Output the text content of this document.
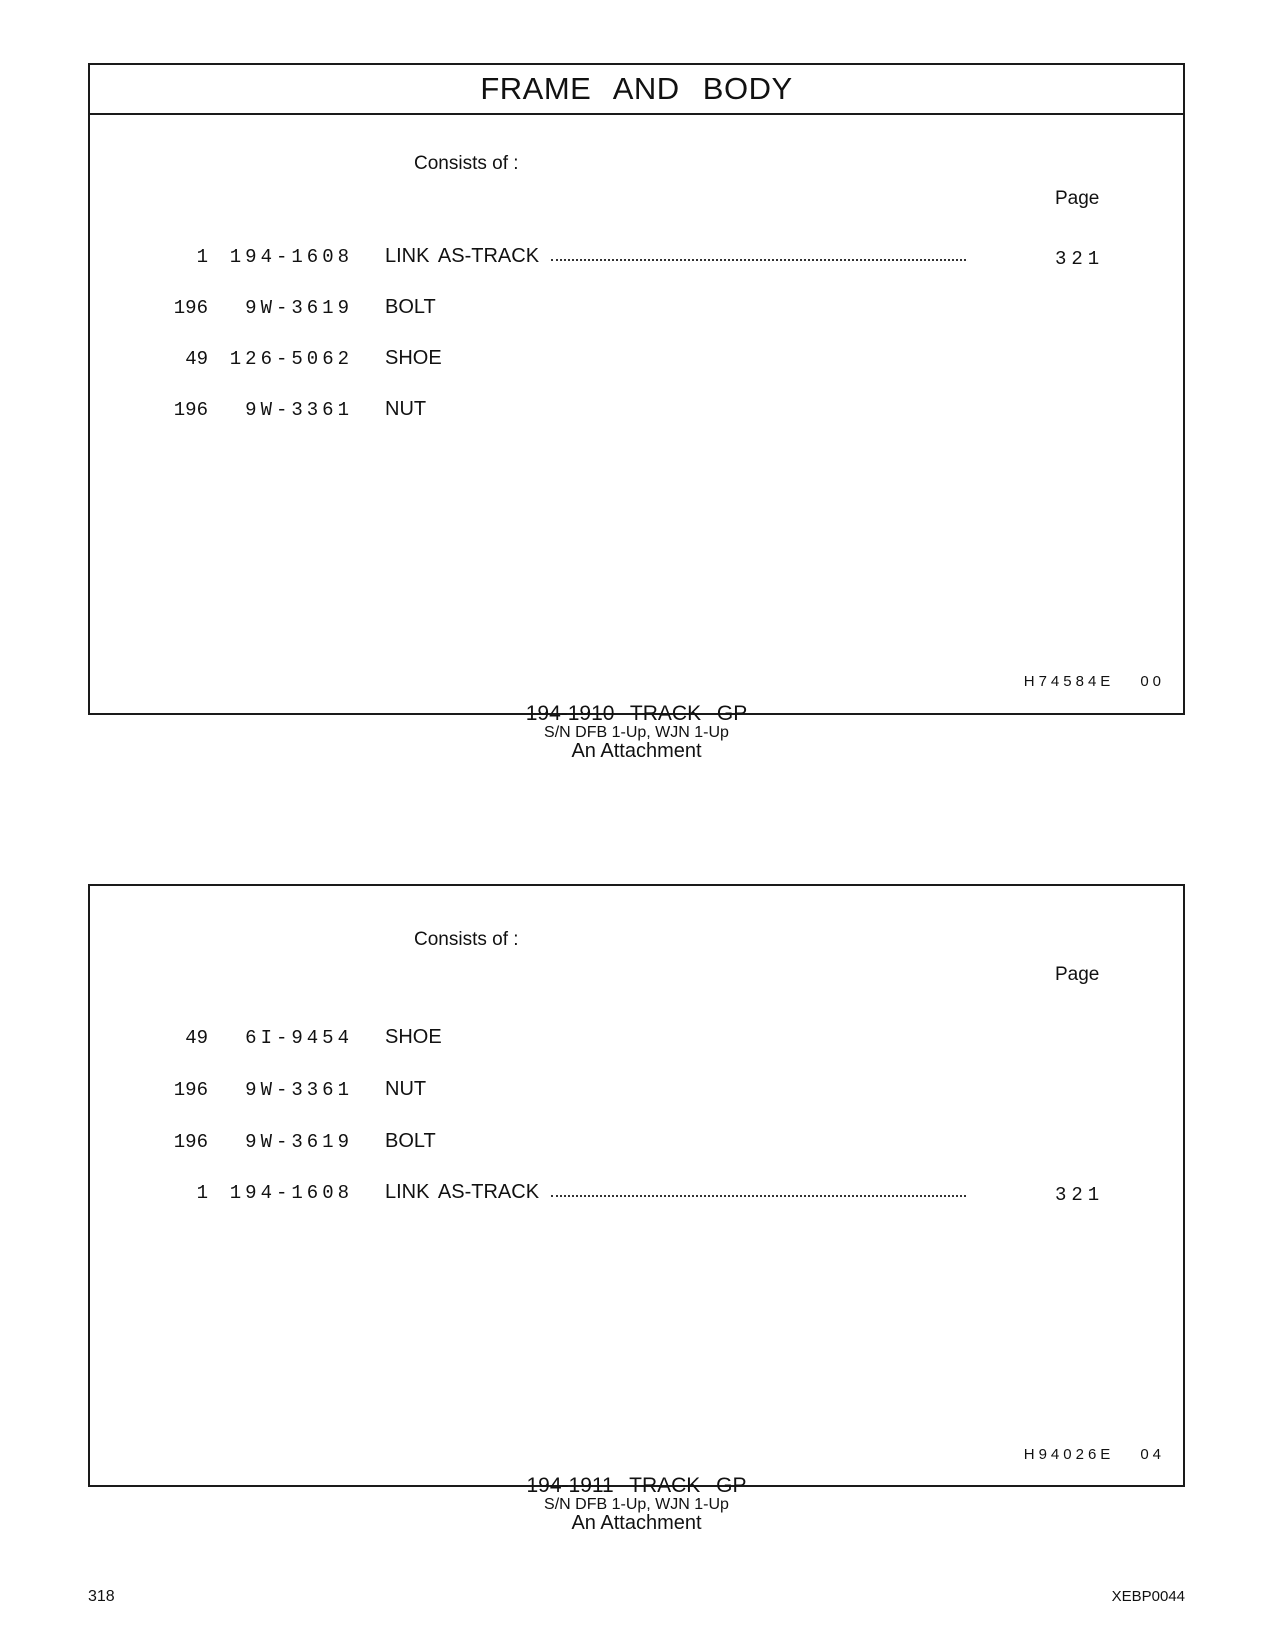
FRAME AND BODY
Consists of :
Page
1	194-1608 LINK AS-TRACK	321
196	9W-3619 BOLT
49	126-5062 SHOE
196	9W-3361 NUT
H74584E 00
194-1910 TRACK GP
S/N DFB 1-Up, WJN 1-Up
An Attachment
Consists of :
Page
49	6I-9454 SHOE
196	9W-3361 NUT
196	9W-3619 BOLT
1	194-1608 LINK AS-TRACK	321
H94026E 04
194-1911 TRACK GP
S/N DFB 1-Up, WJN 1-Up
An Attachment
318	XEBP0044
